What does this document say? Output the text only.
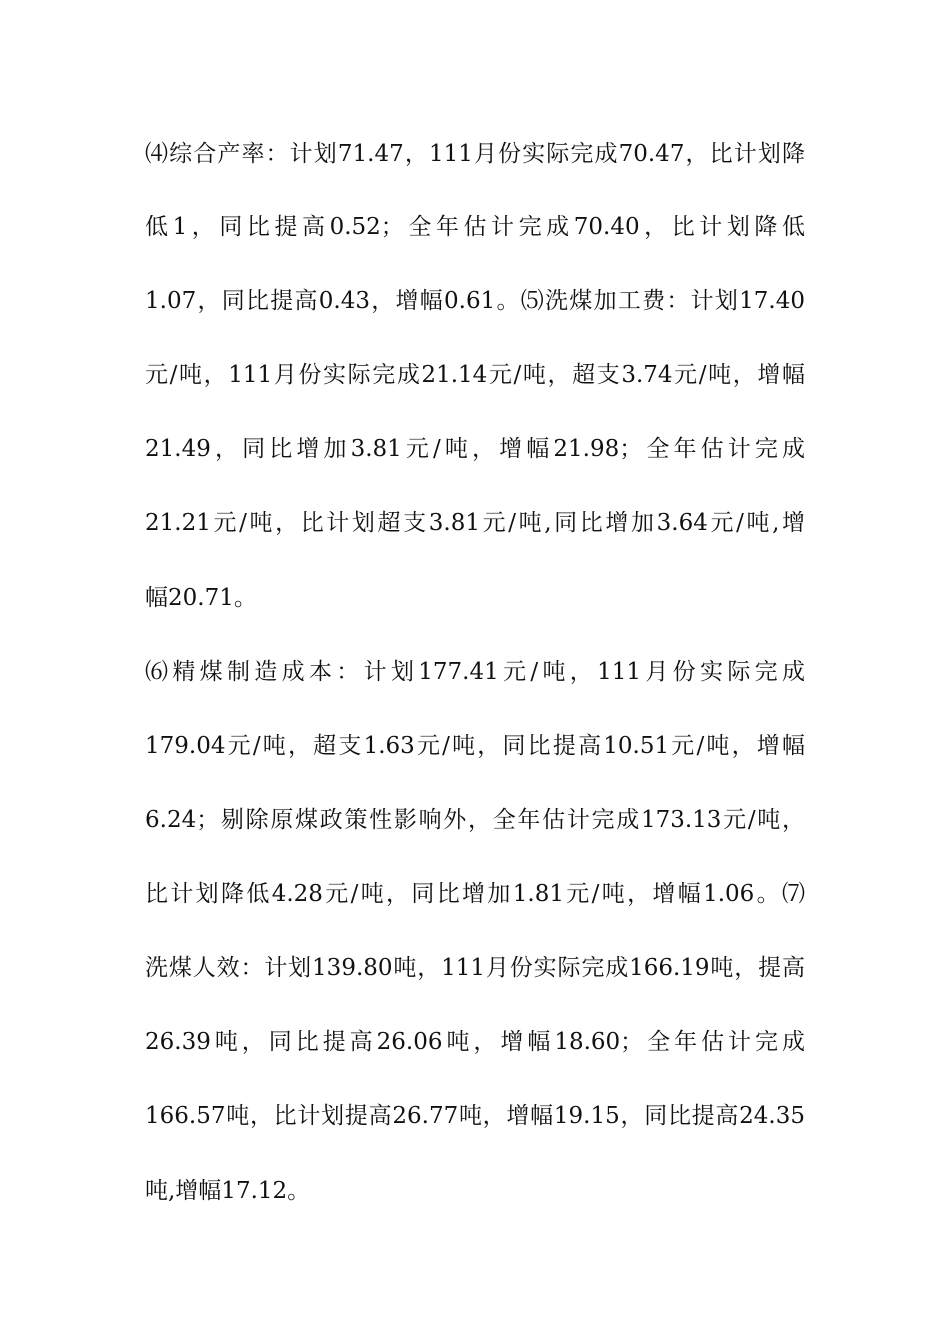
⑷综合产率：计划71.47，111月份实际完成70.47，比计划降
低1，同比提高0.52；全年估计完成70.40，比计划降低
1.07，同比提高0.43，增幅0.61。⑸洗煤加工费：计划17.40
元/吨，111月份实际完成21.14元/吨，超支3.74元/吨，增幅
21.49，同比增加3.81元/吨，增幅21.98；全年估计完成
21.21元/吨，比计划超支3.81元/吨,同比增加3.64元/吨,增
幅20.71。
⑹精煤制造成本：计划177.41元/吨，111月份实际完成
179.04元/吨，超支1.63元/吨，同比提高10.51元/吨，增幅
6.24；剔除原煤政策性影响外，全年估计完成173.13元/吨，
比计划降低4.28元/吨，同比增加1.81元/吨，增幅1.06。⑺
洗煤人效：计划139.80吨，111月份实际完成166.19吨，提高
26.39吨，同比提高26.06吨，增幅18.60；全年估计完成
166.57吨，比计划提高26.77吨，增幅19.15，同比提高24.35
吨,增幅17.12。
